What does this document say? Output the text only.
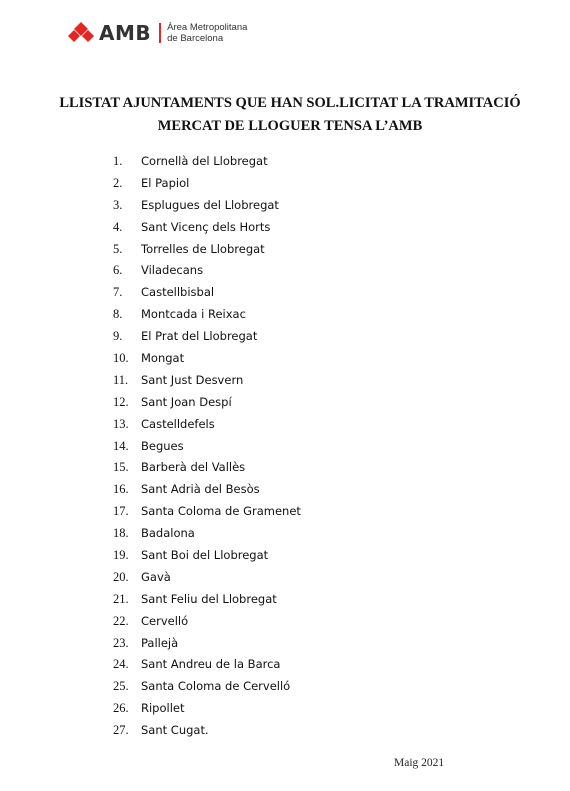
AMB Àrea Metropolitana
de Barcelona
LLISTAT AJUNTAMENTS QUE HAN SOL.LICITAT LA TRAMITACIÓ
MERCAT DE LLOGUER TENSA L’AMB
1.	Cornellà del Llobregat
2.	El Papiol
3.	Esplugues del Llobregat
4.	Sant Vicenç dels Horts
5.	Torrelles de Llobregat
6.	Viladecans
7.	Castellbisbal
8.	Montcada i Reixac
9.	El Prat del Llobregat
10.	Mongat
11.	Sant Just Desvern
12.	Sant Joan Despí
13.	Castelldefels
14.	Begues
15.	Barberà del Vallès
16.	Sant Adrià del Besòs
17.	Santa Coloma de Gramenet
18.	Badalona
19.	Sant Boi del Llobregat
20.	Gavà
21.	Sant Feliu del Llobregat
22.	Cervelló
23.	Pallejà
24.	Sant Andreu de la Barca
25.	Santa Coloma de Cervelló
26.	Ripollet
27.	Sant Cugat.
Maig 2021
